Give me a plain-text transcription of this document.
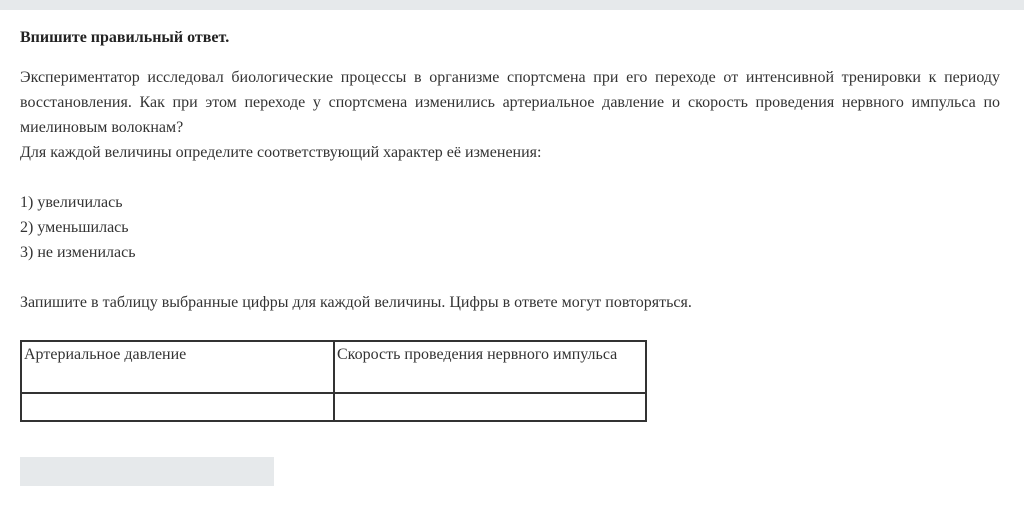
Впишите правильный ответ.

Экспериментатор исследовал биологические процессы в организме спортсмена при его переходе от интенсивной тренировки к периоду восстановления. Как при этом переходе у спортсмена изменились артериальное давление и скорость проведения нервного импульса по миелиновым волокнам?

Для каждой величины определите соответствующий характер её изменения:

1) увеличилась

2) уменьшилась

3) не изменилась

Запишите в таблицу выбранные цифры для каждой величины. Цифры в ответе могут повторяться.

Артериальное давление	Скорость проведения нервного импульса
